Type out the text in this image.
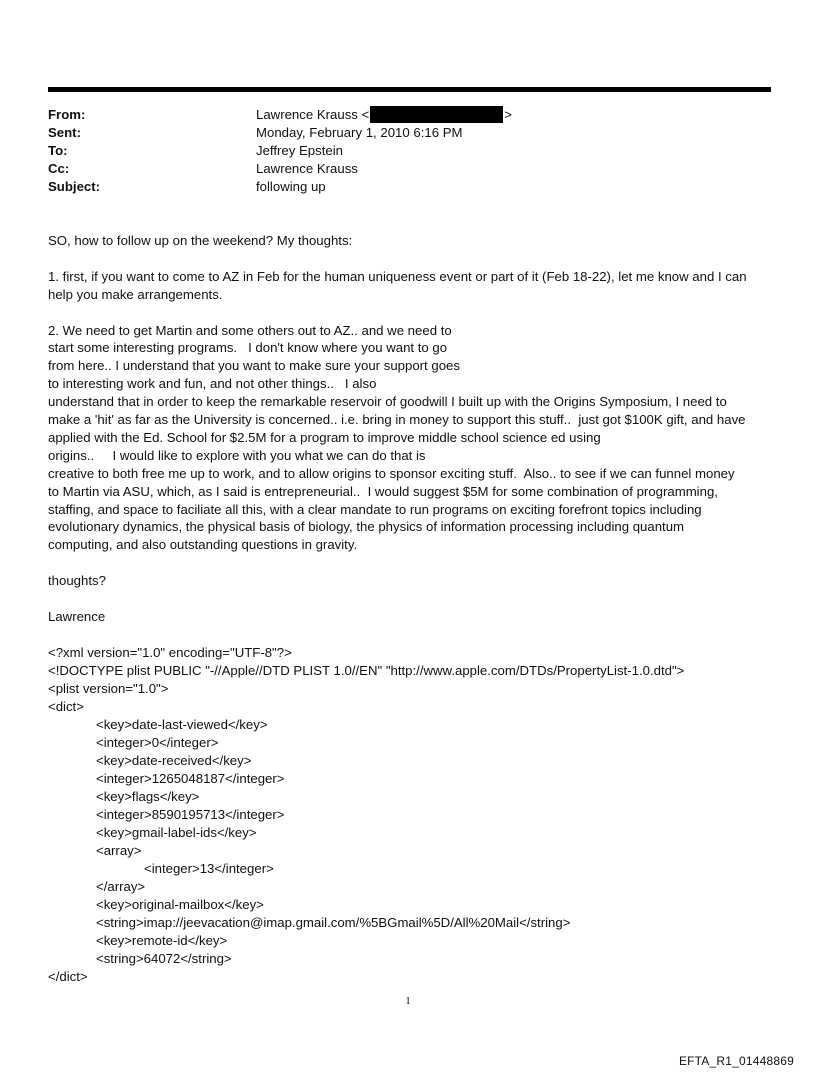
From:	Lawrence Krauss <	>
Sent:	Monday, February 1, 2010 6:16 PM
To:	Jeffrey Epstein
Cc:	Lawrence Krauss
Subject:	following up

SO, how to follow up on the weekend? My thoughts:

1. first, if you want to come to AZ in Feb for the human uniqueness event or part of it (Feb 18-22), let me know and I can
help you make arrangements.

2. We need to get Martin and some others out to AZ.. and we need to
start some interesting programs.   I don't know where you want to go
from here.. I understand that you want to make sure your support goes
to interesting work and fun, and not other things..   I also
understand that in order to keep the remarkable reservoir of goodwill I built up with the Origins Symposium, I need to
make a 'hit' as far as the University is concerned.. i.e. bring in money to support this stuff..  just got $100K gift, and have
applied with the Ed. School for $2.5M for a program to improve middle school science ed using
origins..     I would like to explore with you what we can do that is
creative to both free me up to work, and to allow origins to sponsor exciting stuff.  Also.. to see if we can funnel money
to Martin via ASU, which, as I said is entrepreneurial..  I would suggest $5M for some combination of programming,
staffing, and space to faciliate all this, with a clear mandate to run programs on exciting forefront topics including
evolutionary dynamics, the physical basis of biology, the physics of information processing including quantum
computing, and also outstanding questions in gravity.

thoughts?

Lawrence

<?xml version="1.0" encoding="UTF-8"?>
<!DOCTYPE plist PUBLIC "-//Apple//DTD PLIST 1.0//EN" "http://www.apple.com/DTDs/PropertyList-1.0.dtd">
<plist version="1.0">
<dict>
<key>date-last-viewed</key>
<integer>0</integer>
<key>date-received</key>
<integer>1265048187</integer>
<key>flags</key>
<integer>8590195713</integer>
<key>gmail-label-ids</key>
<array>
<integer>13</integer>
</array>
<key>original-mailbox</key>
<string>imap://jeevacation@imap.gmail.com/%5BGmail%5D/All%20Mail</string>
<key>remote-id</key>
<string>64072</string>
</dict>
1
EFTA_R1_01448869
